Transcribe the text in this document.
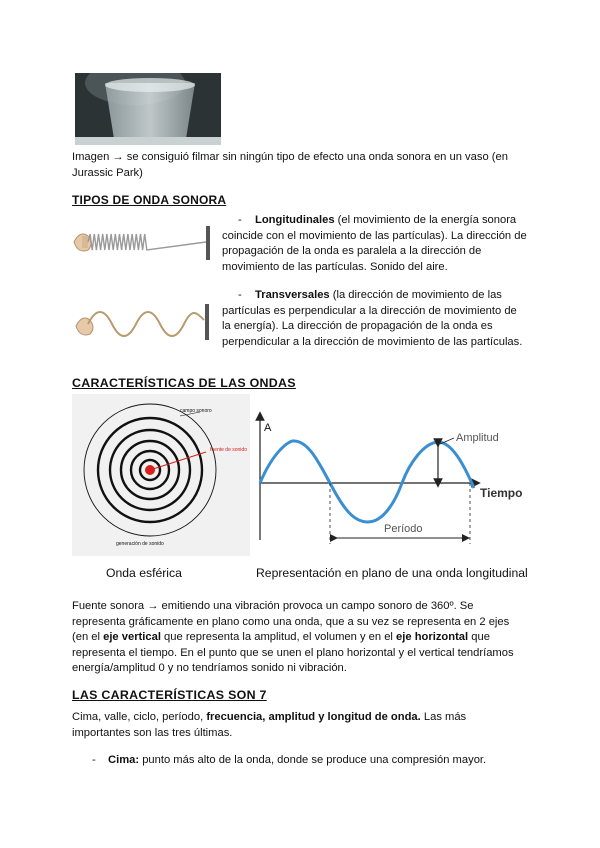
Imagen → se consiguió filmar sin ningún tipo de efecto una onda sonora en un vaso (en Jurassic Park)
TIPOS DE ONDA SONORA
-	Longitudinales (el movimiento de la energía sonora coincide con el movimiento de las partículas). La dirección de propagación de la onda es paralela a la dirección de movimiento de las partículas. Sonido del aire.
-	Transversales (la dirección de movimiento de las partículas es perpendicular a la dirección de movimiento de la energía). La dirección de propagación de la onda es perpendicular a la dirección de movimiento de las partículas.
CARACTERÍSTICAS DE LAS ONDAS
campo sonoro
fuente de sonido
generación de sonido
A
Amplitud
Tiempo
Período
Onda esférica	Representación en plano de una onda longitudinal
Fuente sonora → emitiendo una vibración provoca un campo sonoro de 360º. Se representa gráficamente en plano como una onda, que a su vez se representa en 2 ejes (en el eje vertical que representa la amplitud, el volumen y en el eje horizontal que representa el tiempo. En el punto que se unen el plano horizontal y el vertical tendríamos energía/amplitud 0 y no tendríamos sonido ni vibración.
LAS CARACTERÍSTICAS SON 7
Cima, valle, ciclo, período, frecuencia, amplitud y longitud de onda. Las más importantes son las tres últimas.
- Cima: punto más alto de la onda, donde se produce una compresión mayor.
